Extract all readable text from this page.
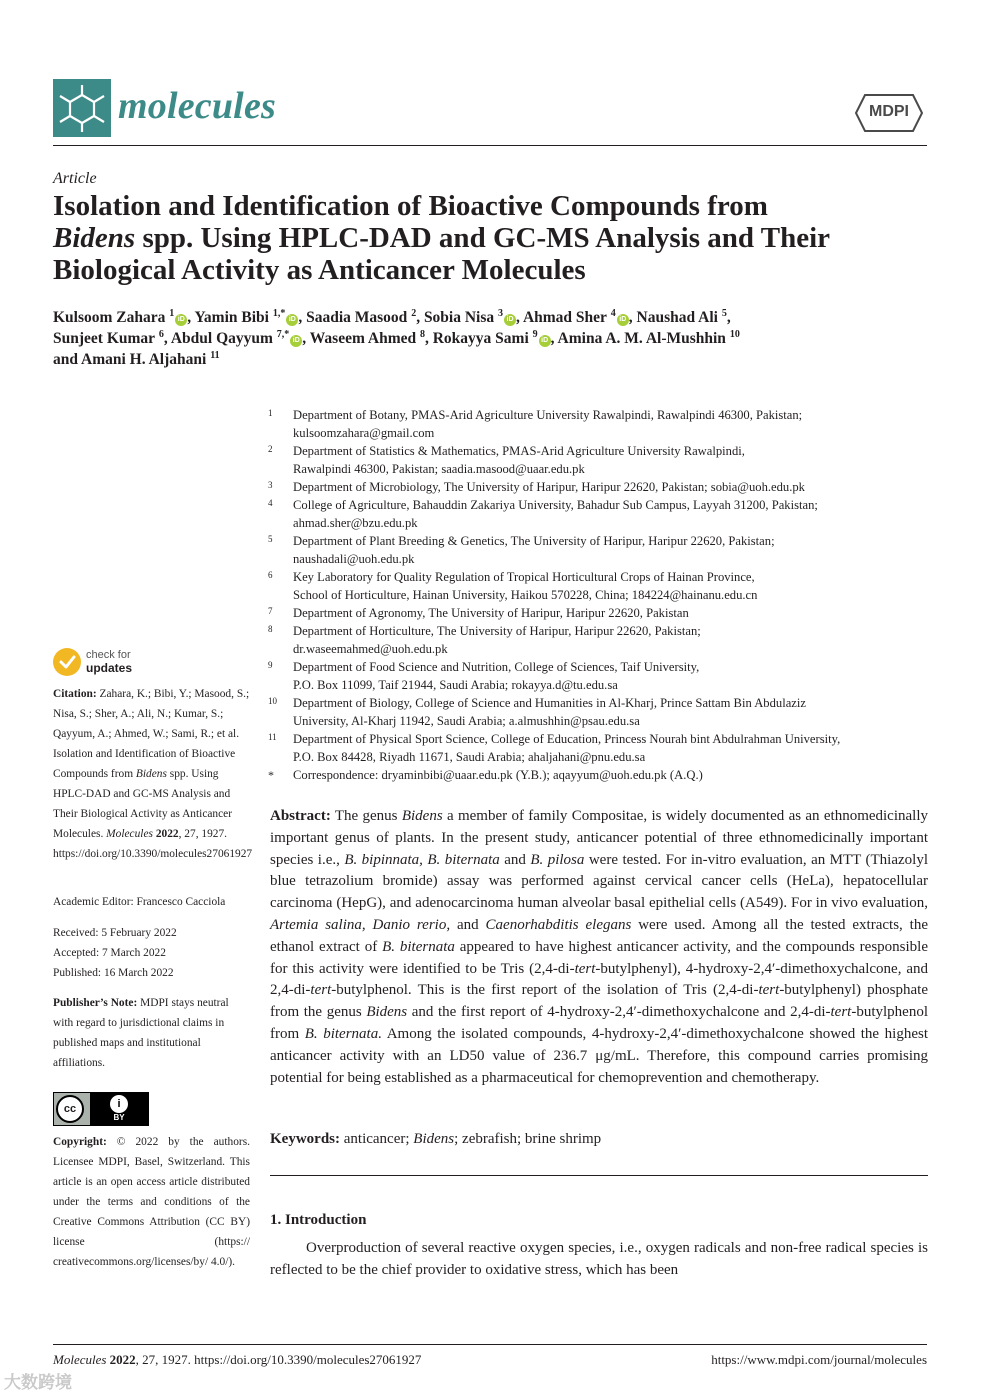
molecules	MDPI
Article
Isolation and Identification of Bioactive Compounds from
Bidens spp. Using HPLC-DAD and GC-MS Analysis and Their
Biological Activity as Anticancer Molecules
Kulsoom Zahara $^1$iD , Yamin Bibi $^{1,*}$iD , Saadia Masood $^2$, Sobia Nisa $^3$iD , Ahmad Sher $^4$iD , Naushad Ali $^5$,
Sunjeet Kumar $^6$, Abdul Qayyum $^{7,*}$iD , Waseem Ahmed $^8$, Rokayya Sami $^9$iD , Amina A. M. Al-Mushhin $^{10}$
and Amani H. Aljahani $^{11}$
1 Department of Botany, PMAS-Arid Agriculture University Rawalpindi, Rawalpindi 46300, Pakistan;
kulsoomzahara@gmail.com
2 Department of Statistics & Mathematics, PMAS-Arid Agriculture University Rawalpindi,
Rawalpindi 46300, Pakistan; saadia.masood@uaar.edu.pk
3 Department of Microbiology, The University of Haripur, Haripur 22620, Pakistan; sobia@uoh.edu.pk
4 College of Agriculture, Bahauddin Zakariya University, Bahadur Sub Campus, Layyah 31200, Pakistan;
ahmad.sher@bzu.edu.pk
5 Department of Plant Breeding & Genetics, The University of Haripur, Haripur 22620, Pakistan;
naushadali@uoh.edu.pk
6 Key Laboratory for Quality Regulation of Tropical Horticultural Crops of Hainan Province,
School of Horticulture, Hainan University, Haikou 570228, China; 184224@hainanu.edu.cn
7 Department of Agronomy, The University of Haripur, Haripur 22620, Pakistan
8 Department of Horticulture, The University of Haripur, Haripur 22620, Pakistan;
dr.waseemahmed@uoh.edu.pk
9 Department of Food Science and Nutrition, College of Sciences, Taif University,
P.O. Box 11099, Taif 21944, Saudi Arabia; rokayya.d@tu.edu.sa
10 Department of Biology, College of Science and Humanities in Al-Kharj, Prince Sattam Bin Abdulaziz
University, Al-Kharj 11942, Saudi Arabia; a.almushhin@psau.edu.sa
11 Department of Physical Sport Science, College of Education, Princess Nourah bint Abdulrahman University,
P.O. Box 84428, Riyadh 11671, Saudi Arabia; ahaljahani@pnu.edu.sa
* Correspondence: dryaminbibi@uaar.edu.pk (Y.B.); aqayyum@uoh.edu.pk (A.Q.)
check for
updates
Citation: Zahara, K.; Bibi, Y.; Masood, S.; Nisa, S.; Sher, A.; Ali, N.; Kumar, S.; Qayyum, A.; Ahmed, W.; Sami, R.; et al. Isolation and Identification of Bioactive Compounds from Bidens spp. Using HPLC-DAD and GC-MS Analysis and Their Biological Activity as Anticancer Molecules. Molecules 2022, 27, 1927. https://doi.org/10.3390/molecules27061927
Academic Editor: Francesco Cacciola
Received: 5 February 2022
Accepted: 7 March 2022
Published: 16 March 2022
Publisher’s Note: MDPI stays neutral with regard to jurisdictional claims in published maps and institutional affiliations.
cc	i
BY
Copyright: © 2022 by the authors. Licensee MDPI, Basel, Switzerland. This article is an open access article distributed under the terms and conditions of the Creative Commons Attribution (CC BY) license (https:// creativecommons.org/licenses/by/ 4.0/).
Abstract: The genus Bidens a member of family Compositae, is widely documented as an ethnomedicinally important genus of plants. In the present study, anticancer potential of three ethnomedicinally important species i.e., B. bipinnata, B. biternata and B. pilosa were tested. For in-vitro evaluation, an MTT (Thiazolyl blue tetrazolium bromide) assay was performed against cervical cancer cells (HeLa), hepatocellular carcinoma (HepG), and adenocarcinoma human alveolar basal epithelial cells (A549). For in vivo evaluation, Artemia salina, Danio rerio, and Caenorhabditis elegans were used. Among all the tested extracts, the ethanol extract of B. biternata appeared to have highest anticancer activity, and the compounds responsible for this activity were identified to be Tris (2,4-di-tert-butylphenyl), 4-hydroxy-2,4′-dimethoxychalcone, and 2,4-di-tert-butylphenol. This is the first report of the isolation of Tris (2,4-di-tert-butylphenyl) phosphate from the genus Bidens and the first report of 4-hydroxy-2,4′-dimethoxychalcone and 2,4-di-tert-butylphenol from B. biternata. Among the isolated compounds, 4-hydroxy-2,4′-dimethoxychalcone showed the highest anticancer activity with an LD50 value of 236.7 μg/mL. Therefore, this compound carries promising potential for being established as a pharmaceutical for chemoprevention and chemotherapy.
Keywords: anticancer; Bidens; zebrafish; brine shrimp
1. Introduction
Overproduction of several reactive oxygen species, i.e., oxygen radicals and non-free radical species is reflected to be the chief provider to oxidative stress, which has been
Molecules 2022, 27, 1927. https://doi.org/10.3390/molecules27061927	https://www.mdpi.com/journal/molecules
大数跨境
